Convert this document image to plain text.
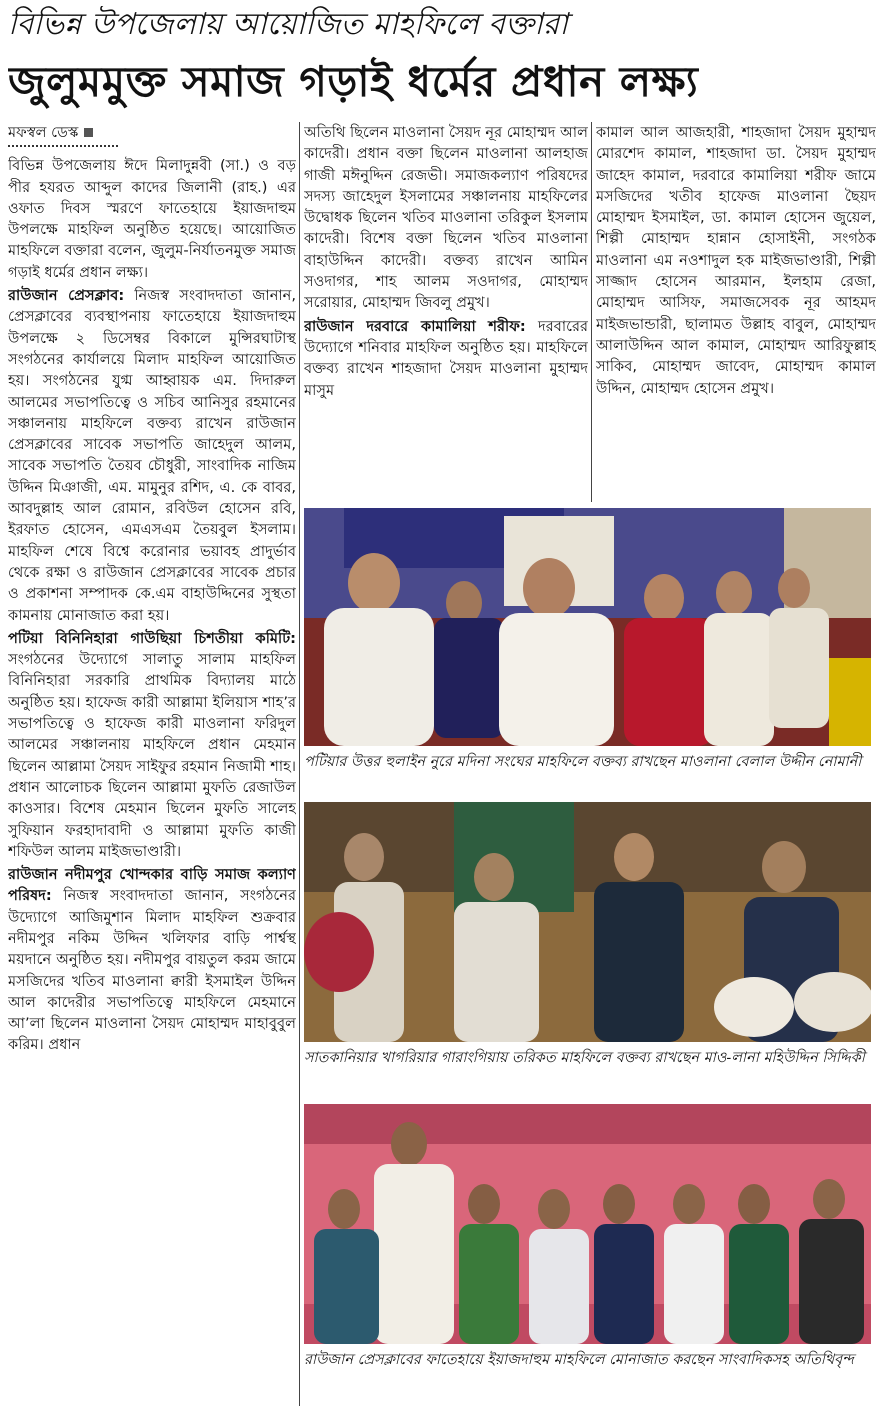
বিভিন্ন উপজেলায় আয়োজিত মাহফিলে বক্তারা
জুলুমমুক্ত সমাজ গড়াই ধর্মের প্রধান লক্ষ্য
মফস্বল ডেস্ক

বিভিন্ন উপজেলায় ঈদে মিলাদুন্নবী (সা.) ও বড় পীর হযরত আব্দুল কাদের জিলানী (রাহ.) এর ওফাত দিবস স্মরণে ফাতেহায়ে ইয়াজদাহুম উপলক্ষে মাহফিল অনুষ্ঠিত হয়েছে। আয়োজিত মাহফিলে বক্তারা বলেন, জুলুম-নির্যাতনমুক্ত সমাজ গড়াই ধর্মের প্রধান লক্ষ্য।

রাউজান প্রেসক্লাব: নিজস্ব সংবাদদাতা জানান, প্রেসক্লাবের ব্যবস্থাপনায় ফাতেহায়ে ইয়াজদাহুম উপলক্ষে ২ ডিসেম্বর বিকালে মুন্সিরঘাটাস্থ সংগঠনের কার্যালয়ে মিলাদ মাহফিল আয়োজিত হয়। সংগঠনের যুগ্ম আহ্বায়ক এম. দিদারুল আলমের সভাপতিত্বে ও সচিব আনিসুর রহমানের সঞ্চালনায় মাহফিলে বক্তব্য রাখেন রাউজান প্রেসক্লাবের সাবেক সভাপতি জাহেদুল আলম, সাবেক সভাপতি তৈয়ব চৌধুরী, সাংবাদিক নাজিম উদ্দিন মিঞাজী, এম. মামুনুর রশিদ, এ. কে বাবর, আবদুল্লাহ আল রোমান, রবিউল হোসেন রবি, ইরফাত হোসেন, এমএসএম তৈয়বুল ইসলাম। মাহফিল শেষে বিশ্বে করোনার ভয়াবহ প্রাদুর্ভাব থেকে রক্ষা ও রাউজান প্রেসক্লাবের সাবেক প্রচার ও প্রকাশনা সম্পাদক কে.এম বাহাউদ্দিনের সুস্থতা কামনায় মোনাজাত করা হয়।

পটিয়া বিনিনিহারা গাউছিয়া চিশতীয়া কমিটি: সংগঠনের উদ্যোগে সালাতু সালাম মাহফিল বিনিনিহারা সরকারি প্রাথমিক বিদ্যালয় মাঠে অনুষ্ঠিত হয়। হাফেজ কারী আল্লামা ইলিয়াস শাহ’র সভাপতিত্বে ও হাফেজ কারী মাওলানা ফরিদুল আলমের সঞ্চালনায় মাহফিলে প্রধান মেহমান ছিলেন আল্লামা সৈয়দ সাইফুর রহমান নিজামী শাহ। প্রধান আলোচক ছিলেন আল্লামা মুফতি রেজাউল কাওসার। বিশেষ মেহমান ছিলেন মুফতি সালেহ সুফিয়ান ফরহাদাবাদী ও আল্লামা মুফতি কাজী শফিউল আলম মাইজভাণ্ডারী।

রাউজান নদীমপুর খোন্দকার বাড়ি সমাজ কল্যাণ পরিষদ: নিজস্ব সংবাদদাতা জানান, সংগঠনের উদ্যোগে আজিমুশান মিলাদ মাহফিল শুক্রবার নদীমপুর নকিম উদ্দিন খলিফার বাড়ি পার্শ্বস্থ ময়দানে অনুষ্ঠিত হয়। নদীমপুর বায়তুল করম জামে মসজিদের খতিব মাওলানা ক্বারী ইসমাইল উদ্দিন আল কাদেরীর সভাপতিত্বে মাহফিলে মেহমানে আ’লা ছিলেন মাওলানা সৈয়দ মোহাম্মদ মাহাবুবুল করিম। প্রধান

অতিথি ছিলেন মাওলানা সৈয়দ নূর মোহাম্মদ আল কাদেরী। প্রধান বক্তা ছিলেন মাওলানা আলহাজ গাজী মঈনুদ্দিন রেজভী। সমাজকল্যাণ পরিষদের সদস্য জাহেদুল ইসলামের সঞ্চালনায় মাহফিলের উদ্বোধক ছিলেন খতিব মাওলানা তরিকুল ইসলাম কাদেরী। বিশেষ বক্তা ছিলেন খতিব মাওলানা বাহাউদ্দিন কাদেরী। বক্তব্য রাখেন আমিন সওদাগর, শাহ আলম সওদাগর, মোহাম্মদ সরোয়ার, মোহাম্মদ জিবলু প্রমুখ।

রাউজান দরবারে কামালিয়া শরীফ: দরবারের উদ্যোগে শনিবার মাহফিল অনুষ্ঠিত হয়। মাহফিলে বক্তব্য রাখেন শাহজাদা সৈয়দ মাওলানা মুহাম্মদ মাসুম

কামাল আল আজহারী, শাহজাদা সৈয়দ মুহাম্মদ মোরশেদ কামাল, শাহজাদা ডা. সৈয়দ মুহাম্মদ জাহেদ কামাল, দরবারে কামালিয়া শরীফ জামে মসজিদের খতীব হাফেজ মাওলানা ছৈয়দ মোহাম্মদ ইসমাইল, ডা. কামাল হোসেন জুয়েল, শিল্পী মোহাম্মদ হান্নান হোসাইনী, সংগঠক মাওলানা এম নওশাদুল হক মাইজভাণ্ডারী, শিল্পী সাজ্জাদ হোসেন আরমান, ইলহাম রেজা, মোহাম্মদ আসিফ, সমাজসেবক নূর আহমদ মাইজভান্ডারী, ছালামত উল্লাহ বাবুল, মোহাম্মদ আলাউদ্দিন আল কামাল, মোহাম্মদ আরিফুল্লাহ সাকিব, মোহাম্মদ জাবেদ, মোহাম্মদ কামাল উদ্দিন, মোহাম্মদ হোসেন প্রমুখ।

পটিয়ার উত্তর হুলাইন নুরে মদিনা সংঘের মাহফিলে বক্তব্য রাখছেন মাওলানা বেলাল উদ্দীন নোমানী
সাতকানিয়ার খাগরিয়ার গারাংগিয়ায় তরিকত মাহফিলে বক্তব্য রাখছেন মাও-লানা মহিউদ্দিন সিদ্দিকী
রাউজান প্রেসক্লাবের ফাতেহায়ে ইয়াজদাহুম মাহফিলে মোনাজাত করছেন সাংবাদিকসহ অতিথিবৃন্দ
